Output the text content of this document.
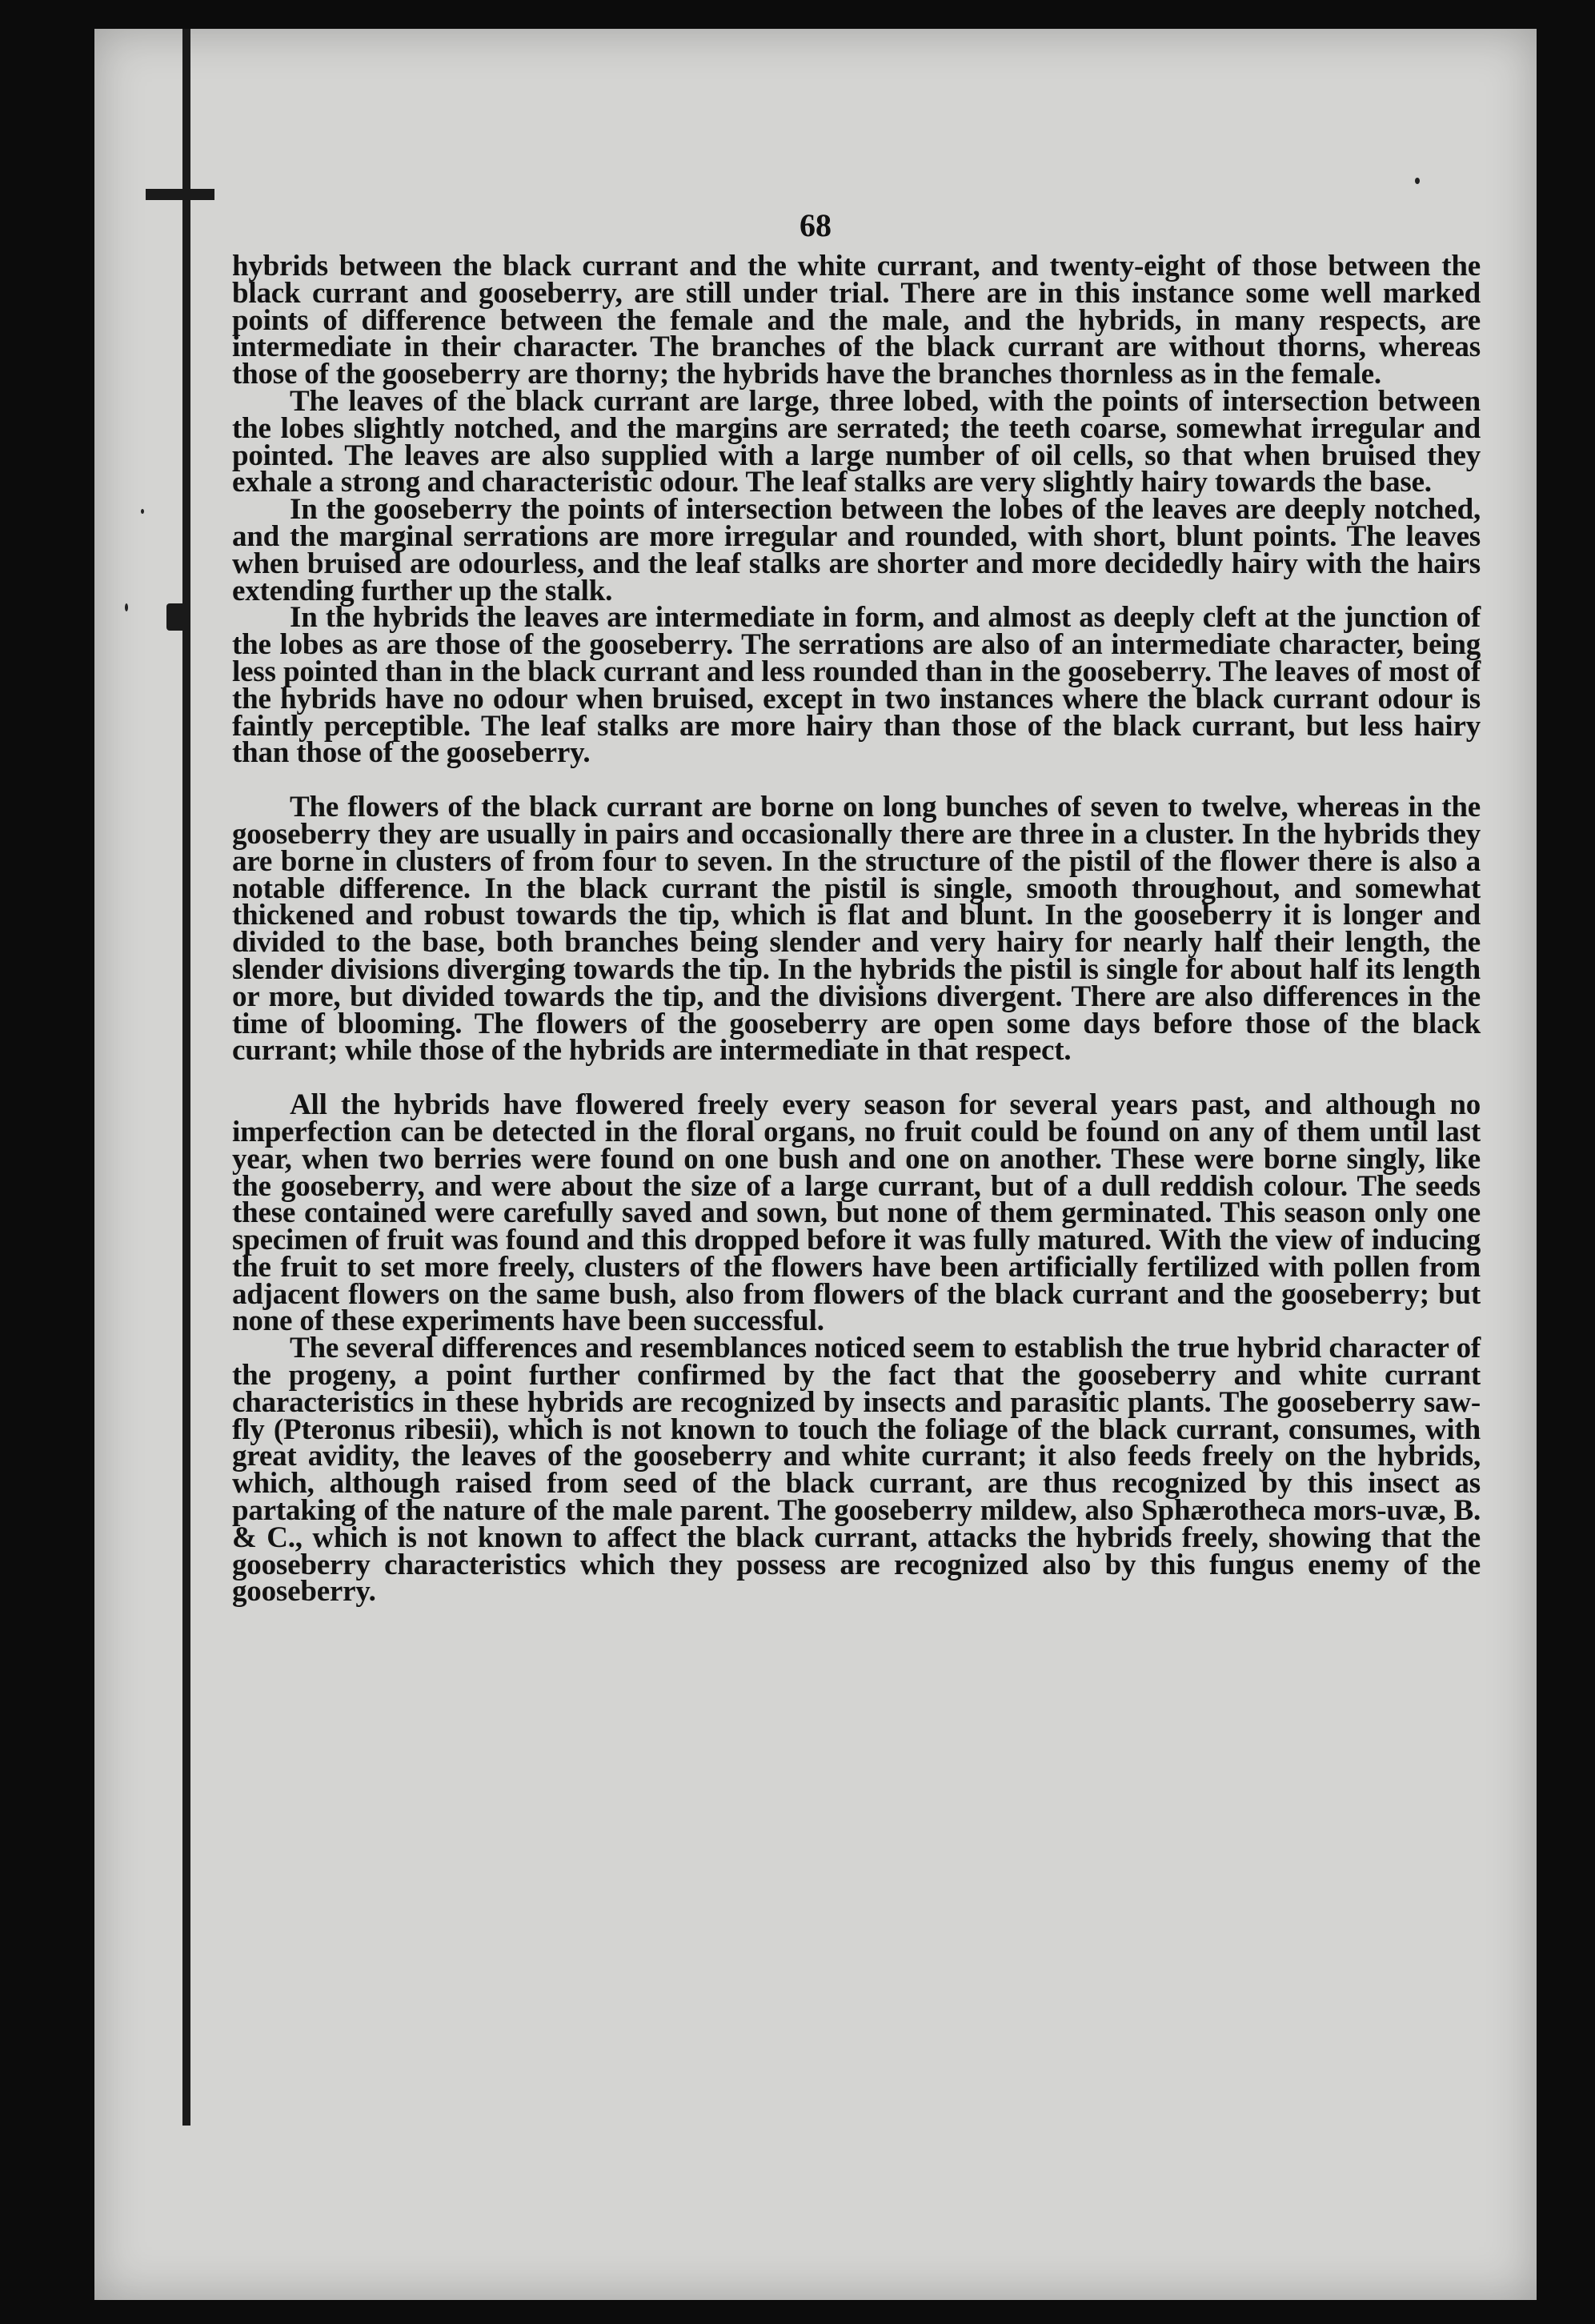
68

hybrids between the black currant and the white currant, and twenty-eight of those between the black currant and gooseberry, are still under trial. There are in this instance some well marked points of difference between the female and the male, and the hybrids, in many respects, are intermediate in their character. The branches of the black currant are without thorns, whereas those of the gooseberry are thorny; the hybrids have the branches thornless as in the female.

The leaves of the black currant are large, three lobed, with the points of intersection between the lobes slightly notched, and the margins are serrated; the teeth coarse, somewhat irregular and pointed. The leaves are also supplied with a large number of oil cells, so that when bruised they exhale a strong and characteristic odour. The leaf stalks are very slightly hairy towards the base.

In the gooseberry the points of intersection between the lobes of the leaves are deeply notched, and the marginal serrations are more irregular and rounded, with short, blunt points. The leaves when bruised are odourless, and the leaf stalks are shorter and more decidedly hairy with the hairs extending further up the stalk.

In the hybrids the leaves are intermediate in form, and almost as deeply cleft at the junction of the lobes as are those of the gooseberry. The serrations are also of an intermediate character, being less pointed than in the black currant and less rounded than in the gooseberry. The leaves of most of the hybrids have no odour when bruised, except in two instances where the black currant odour is faintly perceptible. The leaf stalks are more hairy than those of the black currant, but less hairy than those of the gooseberry.

The flowers of the black currant are borne on long bunches of seven to twelve, whereas in the gooseberry they are usually in pairs and occasionally there are three in a cluster. In the hybrids they are borne in clusters of from four to seven. In the structure of the pistil of the flower there is also a notable difference. In the black currant the pistil is single, smooth throughout, and somewhat thickened and robust towards the tip, which is flat and blunt. In the gooseberry it is longer and divided to the base, both branches being slender and very hairy for nearly half their length, the slender divisions diverging towards the tip. In the hybrids the pistil is single for about half its length or more, but divided towards the tip, and the divisions divergent. There are also differences in the time of blooming. The flowers of the gooseberry are open some days before those of the black currant; while those of the hybrids are intermediate in that respect.

All the hybrids have flowered freely every season for several years past, and although no imperfection can be detected in the floral organs, no fruit could be found on any of them until last year, when two berries were found on one bush and one on another. These were borne singly, like the gooseberry, and were about the size of a large currant, but of a dull reddish colour. The seeds these contained were carefully saved and sown, but none of them germinated. This season only one specimen of fruit was found and this dropped before it was fully matured. With the view of inducing the fruit to set more freely, clusters of the flowers have been artificially fertilized with pollen from adjacent flowers on the same bush, also from flowers of the black currant and the gooseberry; but none of these experiments have been successful.

The several differences and resemblances noticed seem to establish the true hybrid character of the progeny, a point further confirmed by the fact that the gooseberry and white currant characteristics in these hybrids are recognized by insects and parasitic plants. The gooseberry saw-fly (Pteronus ribesii), which is not known to touch the foliage of the black currant, consumes, with great avidity, the leaves of the gooseberry and white currant; it also feeds freely on the hybrids, which, although raised from seed of the black currant, are thus recognized by this insect as partaking of the nature of the male parent. The gooseberry mildew, also Sphærotheca mors-uvæ, B. & C., which is not known to affect the black currant, attacks the hybrids freely, showing that the gooseberry characteristics which they possess are recognized also by this fungus enemy of the gooseberry.
